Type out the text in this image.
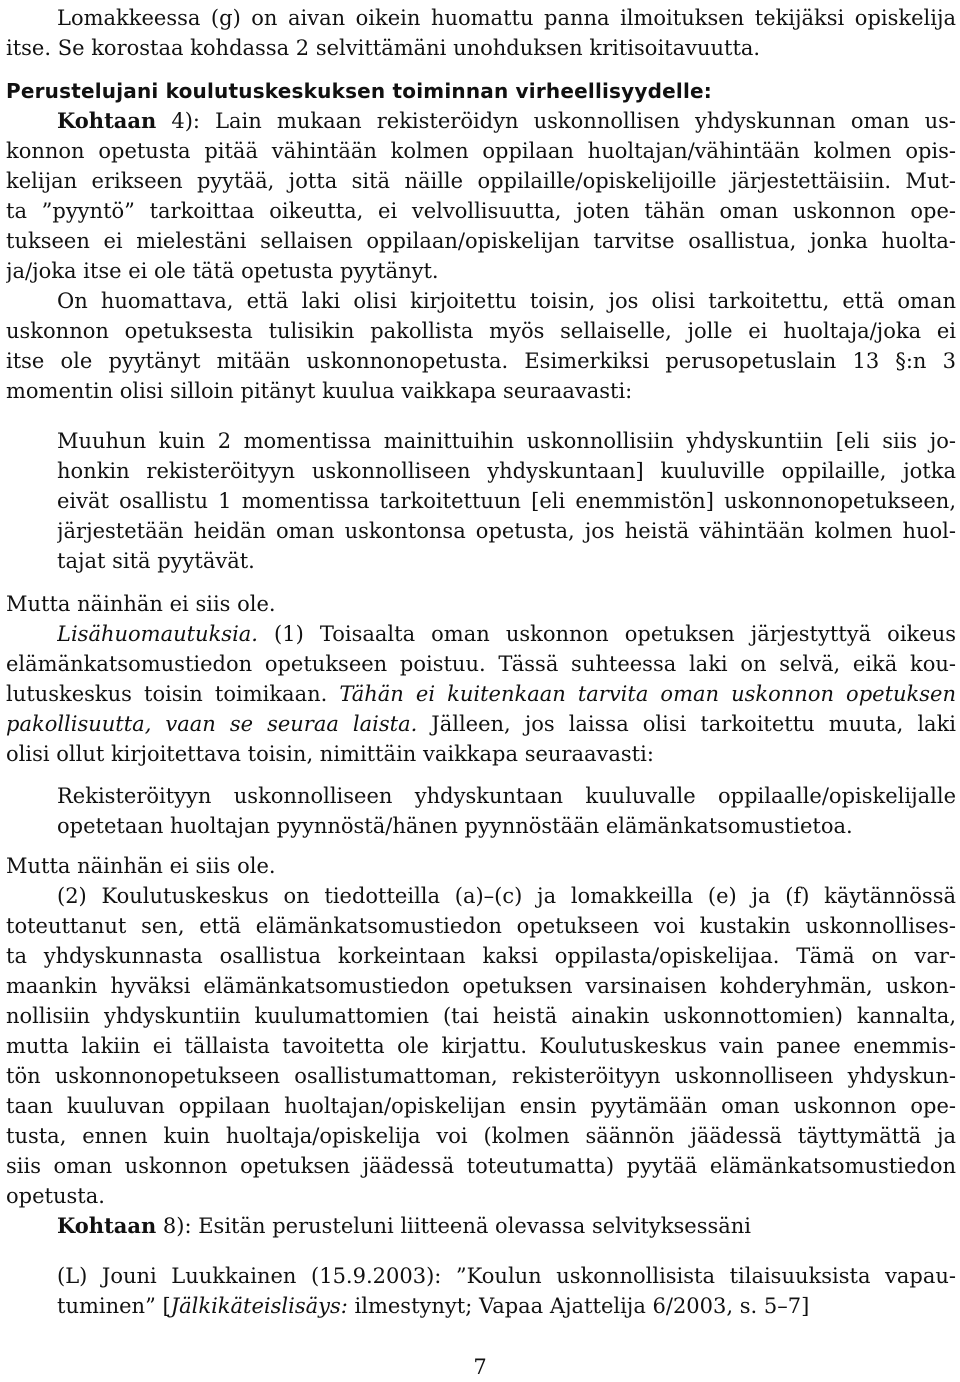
Lomakkeessa (g) on aivan oikein huomattu panna ilmoituksen tekijäksi opiskelija
itse. Se korostaa kohdassa 2 selvittämäni unohduksen kritisoitavuutta.
Perustelujani koulutuskeskuksen toiminnan virheellisyydelle:
Kohtaan 4): Lain mukaan rekisteröidyn uskonnollisen yhdyskunnan oman us-
konnon opetusta pitää vähintään kolmen oppilaan huoltajan/vähintään kolmen opis-
kelijan erikseen pyytää, jotta sitä näille oppilaille/opiskelijoille järjestettäisiin. Mut-
ta ”pyyntö” tarkoittaa oikeutta, ei velvollisuutta, joten tähän oman uskonnon ope-
tukseen ei mielestäni sellaisen oppilaan/opiskelijan tarvitse osallistua, jonka huolta-
ja/joka itse ei ole tätä opetusta pyytänyt.
On huomattava, että laki olisi kirjoitettu toisin, jos olisi tarkoitettu, että oman
uskonnon opetuksesta tulisikin pakollista myös sellaiselle, jolle ei huoltaja/joka ei
itse ole pyytänyt mitään uskonnonopetusta. Esimerkiksi perusopetuslain 13 §:n 3
momentin olisi silloin pitänyt kuulua vaikkapa seuraavasti:
Muuhun kuin 2 momentissa mainittuihin uskonnollisiin yhdyskuntiin [eli siis jo-
honkin rekisteröityyn uskonnolliseen yhdyskuntaan] kuuluville oppilaille, jotka
eivät osallistu 1 momentissa tarkoitettuun [eli enemmistön] uskonnonopetukseen,
järjestetään heidän oman uskontonsa opetusta, jos heistä vähintään kolmen huol-
tajat sitä pyytävät.
Mutta näinhän ei siis ole.
Lisähuomautuksia. (1) Toisaalta oman uskonnon opetuksen järjestyttyä oikeus
elämänkatsomustiedon opetukseen poistuu. Tässä suhteessa laki on selvä, eikä kou-
lutuskeskus toisin toimikaan. Tähän ei kuitenkaan tarvita oman uskonnon opetuksen
pakollisuutta, vaan se seuraa laista. Jälleen, jos laissa olisi tarkoitettu muuta, laki
olisi ollut kirjoitettava toisin, nimittäin vaikkapa seuraavasti:
Rekisteröityyn uskonnolliseen yhdyskuntaan kuuluvalle oppilaalle/opiskelijalle
opetetaan huoltajan pyynnöstä/hänen pyynnöstään elämänkatsomustietoa.
Mutta näinhän ei siis ole.
(2) Koulutuskeskus on tiedotteilla (a)–(c) ja lomakkeilla (e) ja (f) käytännössä
toteuttanut sen, että elämänkatsomustiedon opetukseen voi kustakin uskonnollises-
ta yhdyskunnasta osallistua korkeintaan kaksi oppilasta/opiskelijaa. Tämä on var-
maankin hyväksi elämänkatsomustiedon opetuksen varsinaisen kohderyhmän, uskon-
nollisiin yhdyskuntiin kuulumattomien (tai heistä ainakin uskonnottomien) kannalta,
mutta lakiin ei tällaista tavoitetta ole kirjattu. Koulutuskeskus vain panee enemmis-
tön uskonnonopetukseen osallistumattoman, rekisteröityyn uskonnolliseen yhdyskun-
taan kuuluvan oppilaan huoltajan/opiskelijan ensin pyytämään oman uskonnon ope-
tusta, ennen kuin huoltaja/opiskelija voi (kolmen säännön jäädessä täyttymättä ja
siis oman uskonnon opetuksen jäädessä toteutumatta) pyytää elämänkatsomustiedon
opetusta.
Kohtaan 8): Esitän perusteluni liitteenä olevassa selvityksessäni
(L) Jouni Luukkainen (15.9.2003): ”Koulun uskonnollisista tilaisuuksista vapau-
tuminen” [Jälkikäteislisäys: ilmestynyt; Vapaa Ajattelija 6/2003, s. 5–7]
7
